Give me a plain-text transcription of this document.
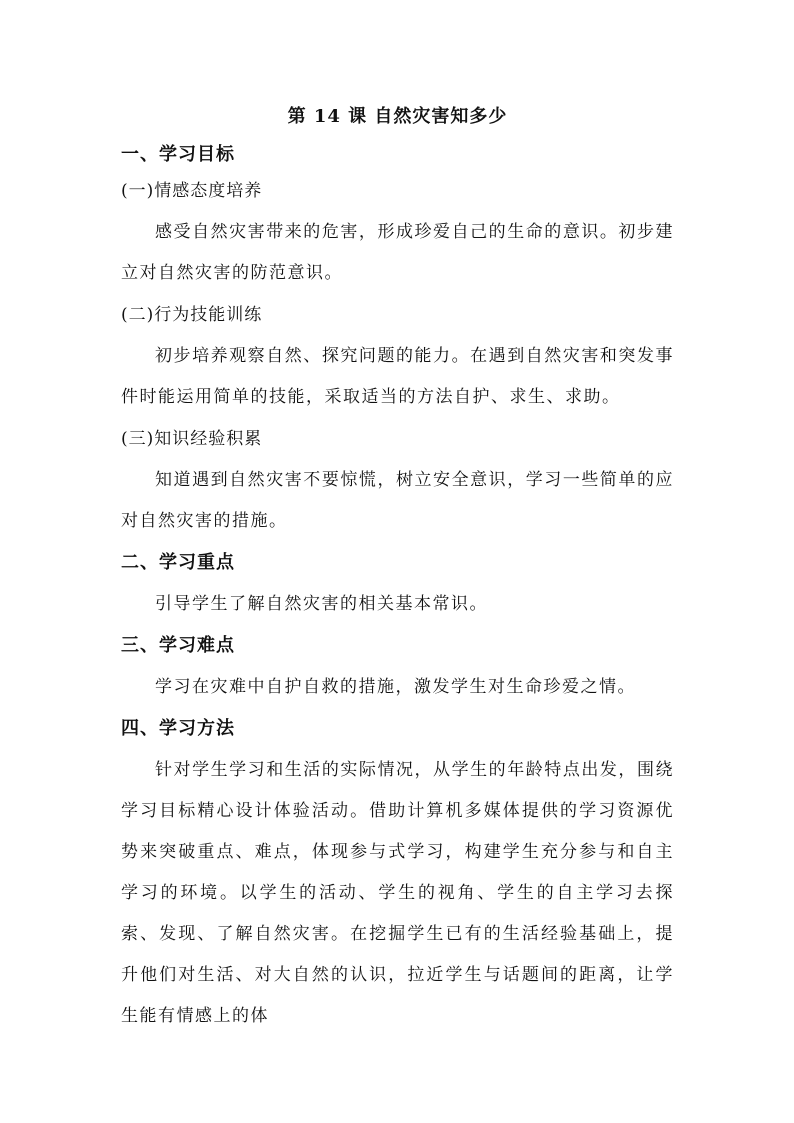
第 14 课 自然灾害知多少
一、学习目标
(一)情感态度培养

感受自然灾害带来的危害，形成珍爱自己的生命的意识。初步建立对自然灾害的防范意识。

(二)行为技能训练

初步培养观察自然、探究问题的能力。在遇到自然灾害和突发事件时能运用简单的技能，采取适当的方法自护、求生、求助。

(三)知识经验积累

知道遇到自然灾害不要惊慌，树立安全意识，学习一些简单的应对自然灾害的措施。

二、学习重点

引导学生了解自然灾害的相关基本常识。

三、学习难点

学习在灾难中自护自救的措施，激发学生对生命珍爱之情。

四、学习方法

针对学生学习和生活的实际情况，从学生的年龄特点出发，围绕学习目标精心设计体验活动。借助计算机多媒体提供的学习资源优势来突破重点、难点，体现参与式学习，构建学生充分参与和自主学习的环境。以学生的活动、学生的视角、学生的自主学习去探索、发现、了解自然灾害。在挖掘学生已有的生活经验基础上，提升他们对生活、对大自然的认识，拉近学生与话题间的距离，让学生能有情感上的体
